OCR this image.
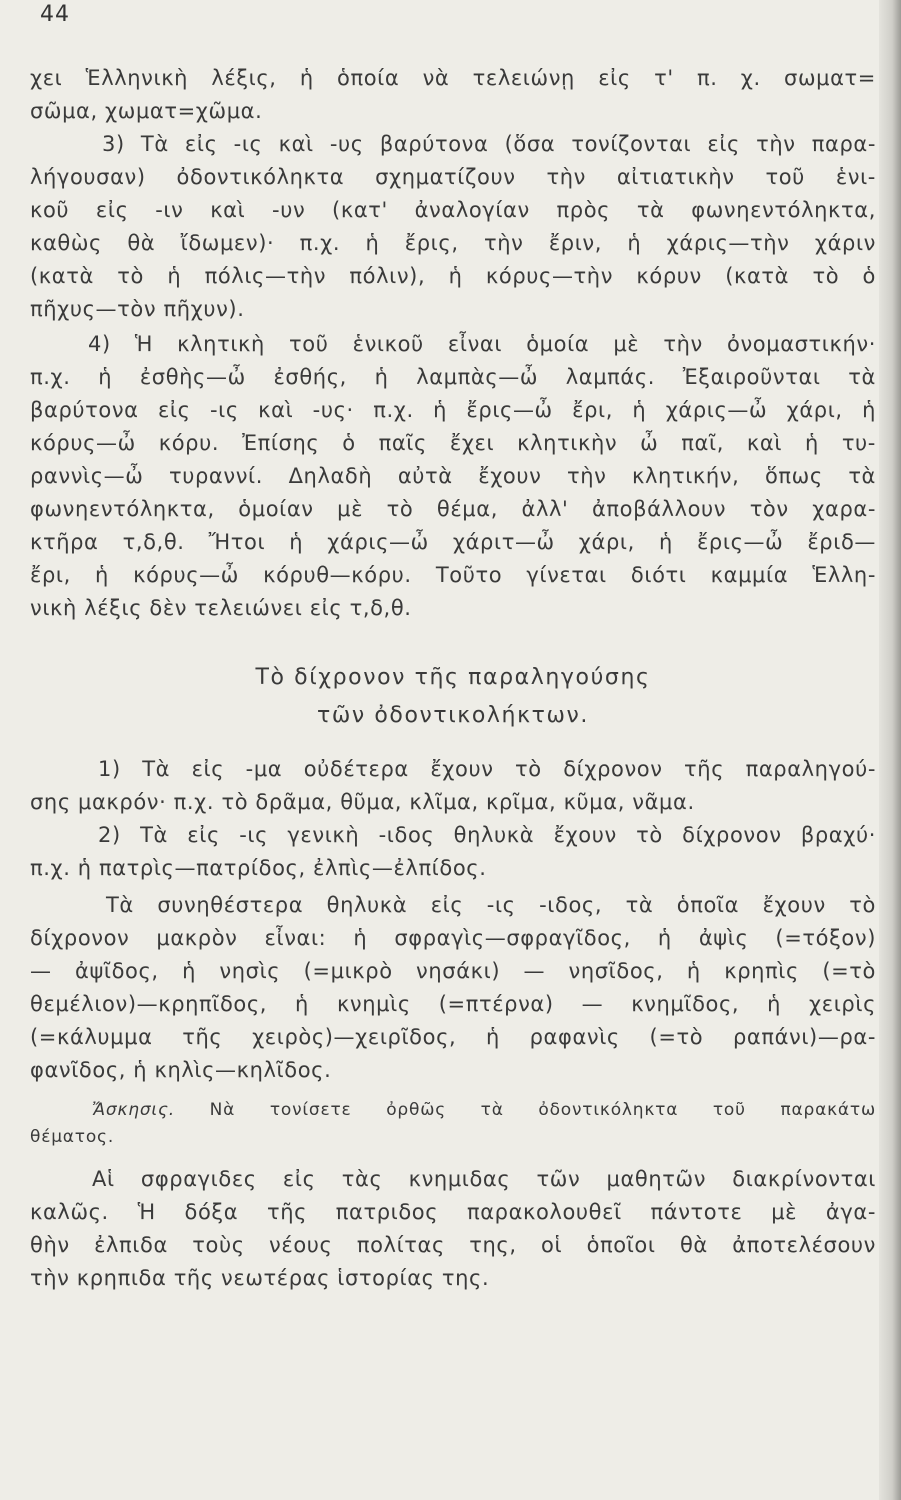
44
χει Ἑλληνικὴ λέξις, ἡ ὁποία νὰ τελειώνῃ εἰς τ' π. χ. σωματ=
σῶμα, χωματ=χῶμα.
3) Τὰ εἰς -ις καὶ -υς βαρύτονα (ὅσα τονίζονται εἰς τὴν παρα-
λήγουσαν) ὀδοντικόληκτα σχηματίζουν τὴν αἰτιατικὴν τοῦ ἑνι-
κοῦ εἰς -ιν καὶ -υν (κατ' ἀναλογίαν πρὸς τὰ φωνηεντόληκτα,
καθὼς θὰ ἴδωμεν)· π.χ. ἡ ἔρις, τὴν ἔριν, ἡ χάρις—τὴν χάριν
(κατὰ τὸ ἡ πόλις—τὴν πόλιν), ἡ κόρυς—τὴν κόρυν (κατὰ τὸ ὁ
πῆχυς—τὸν πῆχυν).
4) Ἡ κλητικὴ τοῦ ἑνικοῦ εἶναι ὁμοία μὲ τὴν ὀνομαστικήν·
π.χ. ἡ ἐσθὴς—ὦ ἐσθής, ἡ λαμπὰς—ὦ λαμπάς. Ἐξαιροῦνται τὰ
βαρύτονα εἰς -ις καὶ -υς· π.χ. ἡ ἔρις—ὦ ἔρι, ἡ χάρις—ὦ χάρι, ἡ
κόρυς—ὦ κόρυ. Ἐπίσης ὁ παῖς ἔχει κλητικὴν ὦ παῖ, καὶ ἡ τυ-
ραννὶς—ὦ τυραννί. Δηλαδὴ αὐτὰ ἔχουν τὴν κλητικήν, ὅπως τὰ
φωνηεντόληκτα, ὁμοίαν μὲ τὸ θέμα, ἀλλ' ἀποβάλλουν τὸν χαρα-
κτῆρα τ,δ,θ. Ἤτοι ἡ χάρις—ὦ χάριτ—ὦ χάρι, ἡ ἔρις—ὦ ἔριδ—
ἔρι, ἡ κόρυς—ὦ κόρυθ—κόρυ. Τοῦτο γίνεται διότι καμμία Ἑλλη-
νικὴ λέξις δὲν τελειώνει εἰς τ,δ,θ.
Τὸ δίχρονον τῆς παραληγούσης
τῶν ὀδοντικολήκτων.
1) Τὰ εἰς -μα οὐδέτερα ἔχουν τὸ δίχρονον τῆς παραληγού-
σης μακρόν· π.χ. τὸ δρᾶμα, θῦμα, κλῖμα, κρῖμα, κῦμα, νᾶμα.
2) Τὰ εἰς -ις γενικὴ -ιδος θηλυκὰ ἔχουν τὸ δίχρονον βραχύ·
π.χ. ἡ πατρὶς—πατρίδος, ἐλπὶς—ἐλπίδος.
Τὰ συνηθέστερα θηλυκὰ εἰς -ις -ιδος, τὰ ὁποῖα ἔχουν τὸ
δίχρονον μακρὸν εἶναι: ἡ σφραγὶς—σφραγῖδος, ἡ ἀψὶς (=τόξον)
— ἀψῖδος, ἡ νησὶς (=μικρὸ νησάκι) — νησῖδος, ἡ κρηπὶς (=τὸ
θεμέλιον)—κρηπῖδος, ἡ κνημὶς (=πτέρνα) — κνημῖδος, ἡ χειρὶς
(=κάλυμμα τῆς χειρὸς)—χειρῖδος, ἡ ραφανὶς (=τὸ ραπάνι)—ρα-
φανῖδος, ἡ κηλὶς—κηλῖδος.
Ἄσκησις. Νὰ τονίσετε ὀρθῶς τὰ ὀδοντικόληκτα τοῦ παρακάτω
θέματος.
Αἱ σφραγιδες εἰς τὰς κνημιδας τῶν μαθητῶν διακρίνονται
καλῶς. Ἡ δόξα τῆς πατριδος παρακολουθεῖ πάντοτε μὲ ἀγα-
θὴν ἐλπιδα τοὺς νέους πολίτας της, οἱ ὁποῖοι θὰ ἀποτελέσουν
τὴν κρηπιδα τῆς νεωτέρας ἱστορίας της.
